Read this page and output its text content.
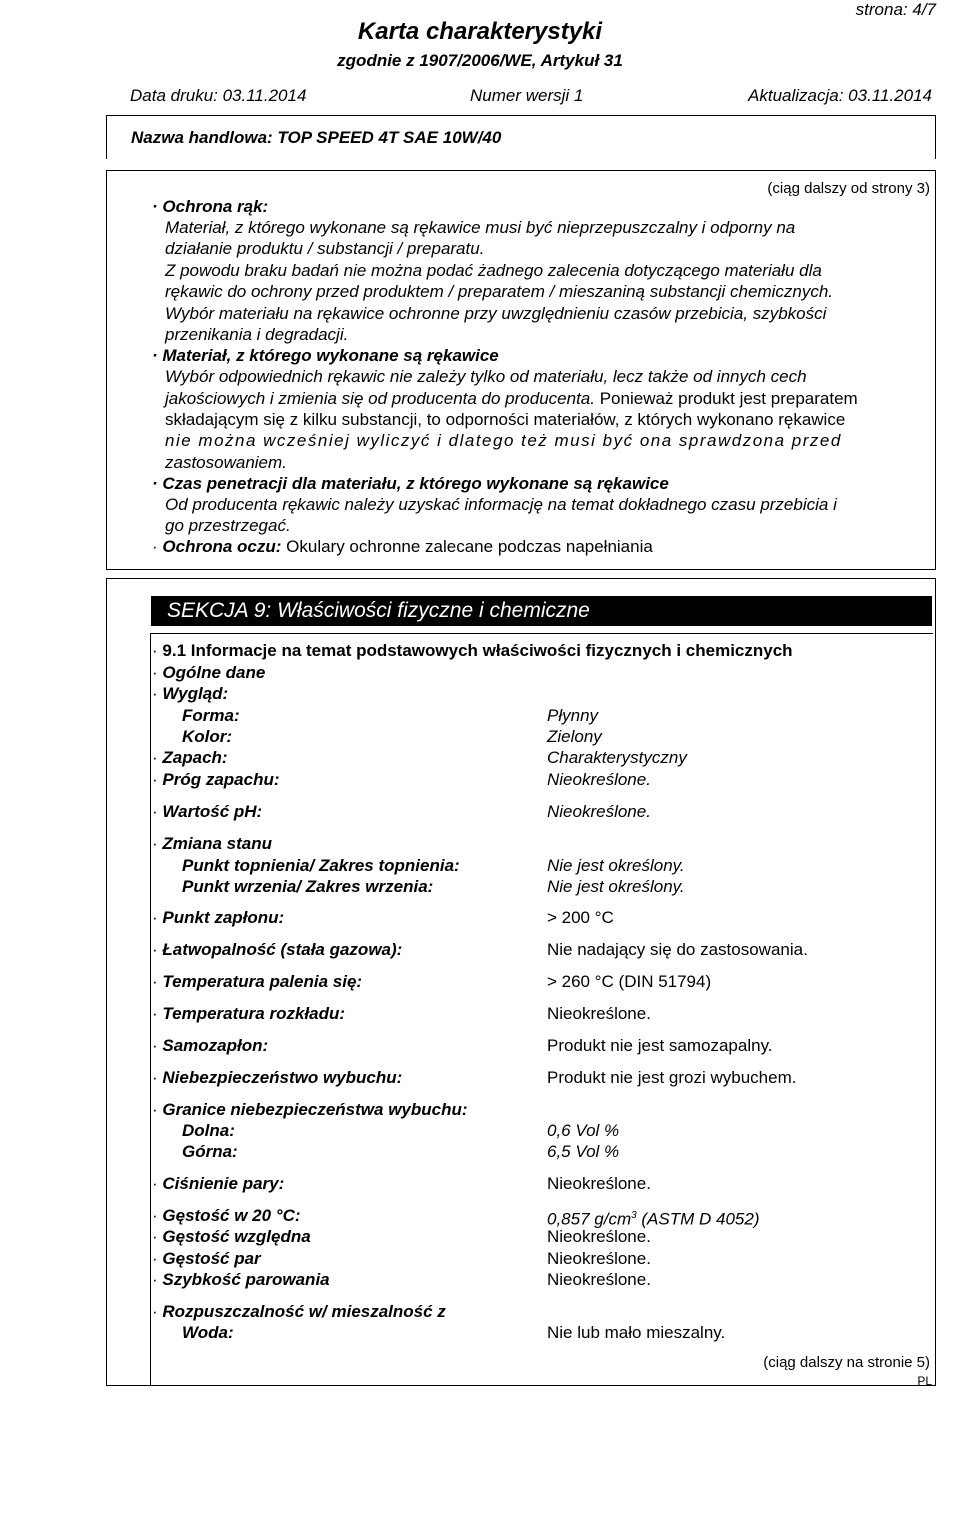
strona: 4/7
Karta charakterystyki
zgodnie z 1907/2006/WE, Artykuł 31
Data druku: 03.11.2014	Numer wersji 1	Aktualizacja: 03.11.2014
Nazwa handlowa: TOP SPEED 4T SAE 10W/40
(ciąg dalszy od strony 3)
· Ochrona rąk:
Materiał, z którego wykonane są rękawice musi być nieprzepuszczalny i odporny na
działanie produktu / substancji / preparatu.
Z powodu braku badań nie można podać żadnego zalecenia dotyczącego materiału dla
rękawic do ochrony przed produktem / preparatem / mieszaniną substancji chemicznych.
Wybór materiału na rękawice ochronne przy uwzględnieniu czasów przebicia, szybkości
przenikania i degradacji.
· Materiał, z którego wykonane są rękawice
Wybór odpowiednich rękawic nie zależy tylko od materiału, lecz także od innych cech
jakościowych i zmienia się od producenta do producenta. Ponieważ produkt jest preparatem
składającym się z kilku substancji, to odporności materiałów, z których wykonano rękawice
nie można wcześniej wyliczyć i dlatego też musi być ona sprawdzona przed
zastosowaniem.
· Czas penetracji dla materiału, z którego wykonane są rękawice
Od producenta rękawic należy uzyskać informację na temat dokładnego czasu przebicia i
go przestrzegać.
· Ochrona oczu: Okulary ochronne zalecane podczas napełniania
SEKCJA 9: Właściwości fizyczne i chemiczne
· 9.1 Informacje na temat podstawowych właściwości fizycznych i chemicznych
· Ogólne dane
· Wygląd:
Forma:	Płynny
Kolor:	Zielony
· Zapach:	Charakterystyczny
· Próg zapachu:	Nieokreślone.
· Wartość pH:	Nieokreślone.
· Zmiana stanu
Punkt topnienia/ Zakres topnienia:	Nie jest określony.
Punkt wrzenia/ Zakres wrzenia:	Nie jest określony.
· Punkt zapłonu:	> 200 °C
· Łatwopalność (stała gazowa):	Nie nadający się do zastosowania.
· Temperatura palenia się:	> 260 °C (DIN 51794)
· Temperatura rozkładu:	Nieokreślone.
· Samozapłon:	Produkt nie jest samozapalny.
· Niebezpieczeństwo wybuchu:	Produkt nie jest grozi wybuchem.
· Granice niebezpieczeństwa wybuchu:
Dolna:	0,6 Vol %
Górna:	6,5 Vol %
· Ciśnienie pary:	Nieokreślone.
· Gęstość w 20 °C:	0,857 $g/cm^3$ (ASTM D 4052)
· Gęstość względna	Nieokreślone.
· Gęstość par	Nieokreślone.
· Szybkość parowania	Nieokreślone.
· Rozpuszczalność w/ mieszalność z
Woda:	Nie lub mało mieszalny.
(ciąg dalszy na stronie 5)
PL
